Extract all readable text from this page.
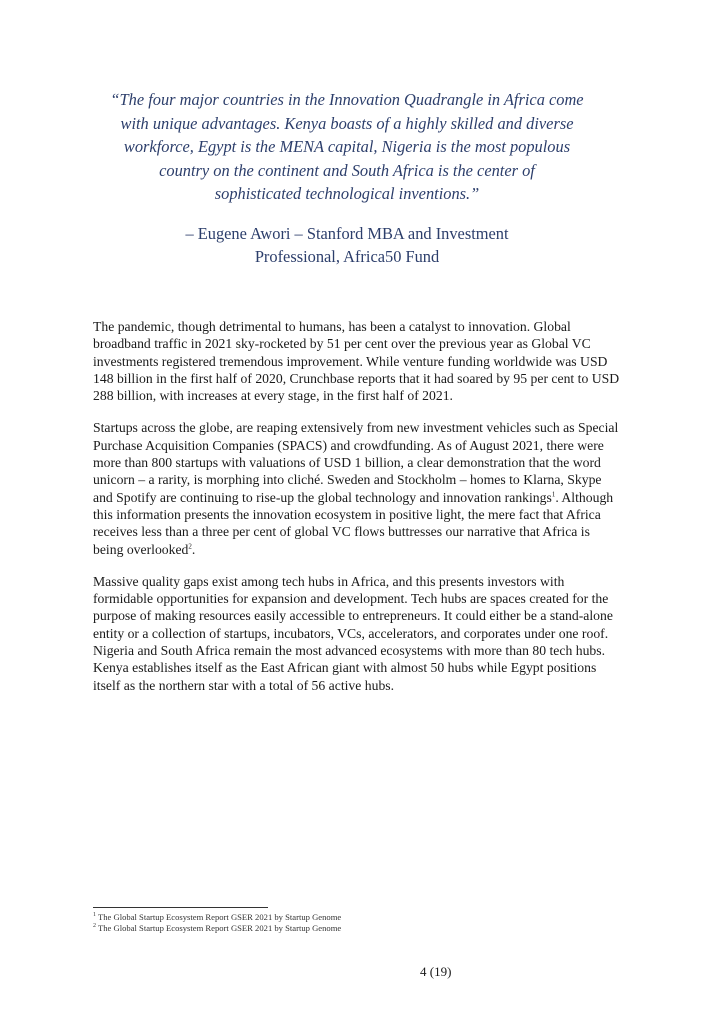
“The four major countries in the Innovation Quadrangle in Africa come
with unique advantages. Kenya boasts of a highly skilled and diverse
workforce, Egypt is the MENA capital, Nigeria is the most populous
country on the continent and South Africa is the center of
sophisticated technological inventions.”
– Eugene Awori – Stanford MBA and Investment
Professional, Africa50 Fund

The pandemic, though detrimental to humans, has been a catalyst to innovation. Global broadband traffic in 2021 sky-rocketed by 51 per cent over the previous year as Global VC investments registered tremendous improvement. While venture funding worldwide was USD 148 billion in the first half of 2020, Crunchbase reports that it had soared by 95 per cent to USD 288 billion, with increases at every stage, in the first half of 2021.

Startups across the globe, are reaping extensively from new investment vehicles such as Special Purchase Acquisition Companies (SPACS) and crowdfunding. As of August 2021, there were more than 800 startups with valuations of USD 1 billion, a clear demonstration that the word unicorn – a rarity, is morphing into cliché. Sweden and Stockholm – homes to Klarna, Skype and Spotify are continuing to rise-up the global technology and innovation rankings$^1$. Although this information presents the innovation ecosystem in positive light, the mere fact that Africa receives less than a three per cent of global VC flows buttresses our narrative that Africa is being overlooked$^2$.

Massive quality gaps exist among tech hubs in Africa, and this presents investors with formidable opportunities for expansion and development. Tech hubs are spaces created for the purpose of making resources easily accessible to entrepreneurs. It could either be a stand-alone entity or a collection of startups, incubators, VCs, accelerators, and corporates under one roof. Nigeria and South Africa remain the most advanced ecosystems with more than 80 tech hubs. Kenya establishes itself as the East African giant with almost 50 hubs while Egypt positions itself as the northern star with a total of 56 active hubs.

$^1$ The Global Startup Ecosystem Report GSER 2021 by Startup Genome
$^2$ The Global Startup Ecosystem Report GSER 2021 by Startup Genome
4 (19)
